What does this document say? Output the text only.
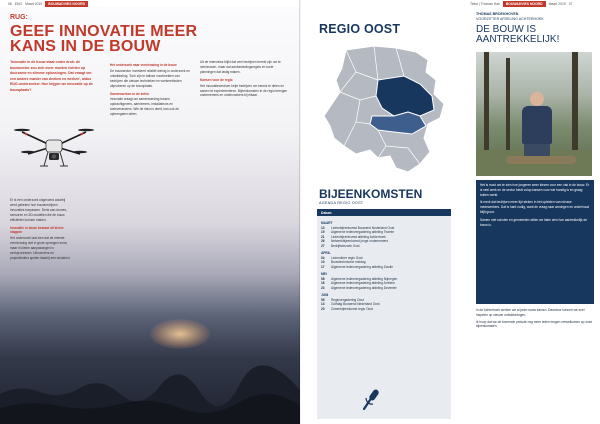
06 ENG Maart 2019	BOUWADVIES NOORD
RUG:
GEEF INNOVATIE MEER KANS IN DE BOUW
'Innovatie in de bouw staat onder druk: de bouwsector zou zich meer moeten richten op duurzame en slimme oplossingen. Dat vraagt om een andere manier van denken en werken', aldus RUG-onderzoeker. Hoe krijgen we innovatie op de bouwplaats?

Er is een onderzoek uitgevoerd waarbij werd gekeken hoe bouwbedrijven innovaties toepassen. Denk aan drones, sensoren en 3D-modellen die de bouw efficiënter kunnen maken.

Innovatie in bouw bestaat uit kleine stappen

Het onderzoek laat zien dat de meeste vernieuwing niet in grote sprongen komt, maar in kleine aanpassingen in werkprocessen. Uitvoerders en projectleiders spelen daarbij een sleutelrol.

Het onderzoek naar vernieuwing in de bouw

De bouwsector investeert relatief weinig in onderzoek en ontwikkeling. Toch zijn er talloze voorbeelden van bedrijven die nieuwe technieken en werkmethoden uitproberen op de bouwplaats.

Samenwerken in de keten

Innovatie vraagt om samenwerking tussen opdrachtgevers, aannemers, installateurs en toeleveranciers. Wie de risico's deelt, kan ook de opbrengsten delen.

Uit de interviews blijkt dat veel bedrijven bereid zijn om te vernieuwen, maar dat aanbestedingsregels en korte planningen dat lastig maken.

Kansen voor de regio

Het Innovatiecentrum helpt bedrijven om kennis te delen en samen te experimenteren. Bijeenkomsten in de regio brengen ondernemers en onderzoekers bij elkaar.

Tekst | Thomas Hak	BOUWADVIES NOORD	Maart 2019 07
REGIO OOST
BIJEENKOMSTEN
AGENDA REGIO OOST
Datum
MAART
13	Ledenbijeenkomst Bouwend Nederland Oost
19	Algemene ledenvergadering afdeling Twente
21	Ledenbijeenkomst afdeling Achterhoek
26	Netwerkbijeenkomst jonge ondernemers
27	Bedrijfsbezoek Oost
APRIL
04	Ledendiner regio Oost
10	Bouwtechnische middag
17	Algemene ledenvergadering afdeling Zwolle
MEI
08	Algemene ledenvergadering afdeling Nijmegen
16	Algemene ledenvergadering afdeling Arnhem
23	Algemene ledenvergadering afdeling Deventer
JUNI
06	Regiovergadering Oost
14	Golfdag Bouwend Nederland Oost
20	Zomerbijeenkomst regio Oost
THOMAS BROEKHOVEN
VOORZITTER AFDELING ACHTERHOEK
DE BOUW IS AANTREKKELIJK!

Het is mooi om te zien hoe jongeren weer kiezen voor een vak in de bouw. Er is veel werk en de sector biedt volop kansen voor wie handig is en graag buiten werkt.

Ik merk dat bedrijven meer tijd steken in het opleiden van nieuwe medewerkers. Dat is hard nodig, want de vraag naar woningen en onderhoud blijft groot.

Samen met scholen en gemeenten willen we laten zien hoe aantrekkelijk de bouw is.

In de Achterhoek werken we al jaren nauw samen. Daardoor kunnen we snel inspelen op nieuwe ontwikkelingen.

Ik hoop dat we de komende periode nog meer leden mogen verwelkomen op onze bijeenkomsten.
